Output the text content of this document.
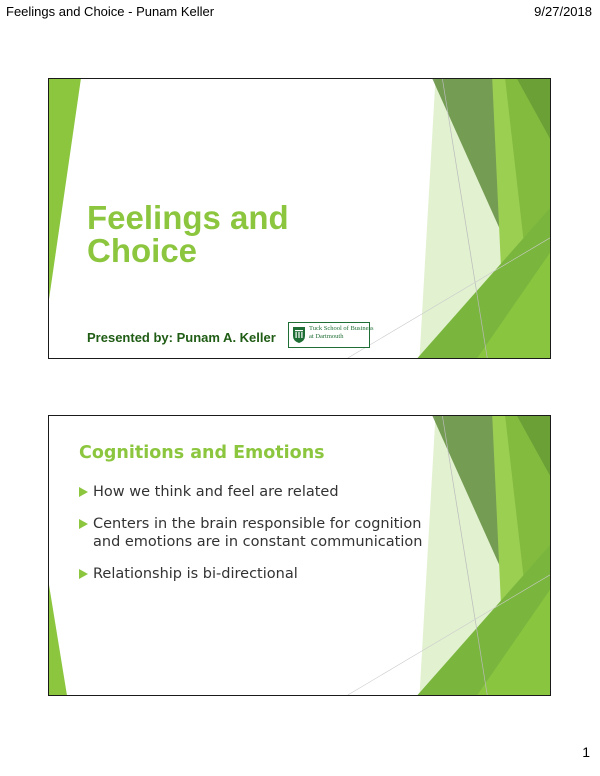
Feelings and Choice - Punam Keller	9/27/2018
Feelings and
Choice
Presented by: Punam A. Keller
Tuck School of Business
at Dartmouth
Cognitions and Emotions
How we think and feel are related
Centers in the brain responsible for cognition and emotions are in constant communication
Relationship is bi-directional
1
